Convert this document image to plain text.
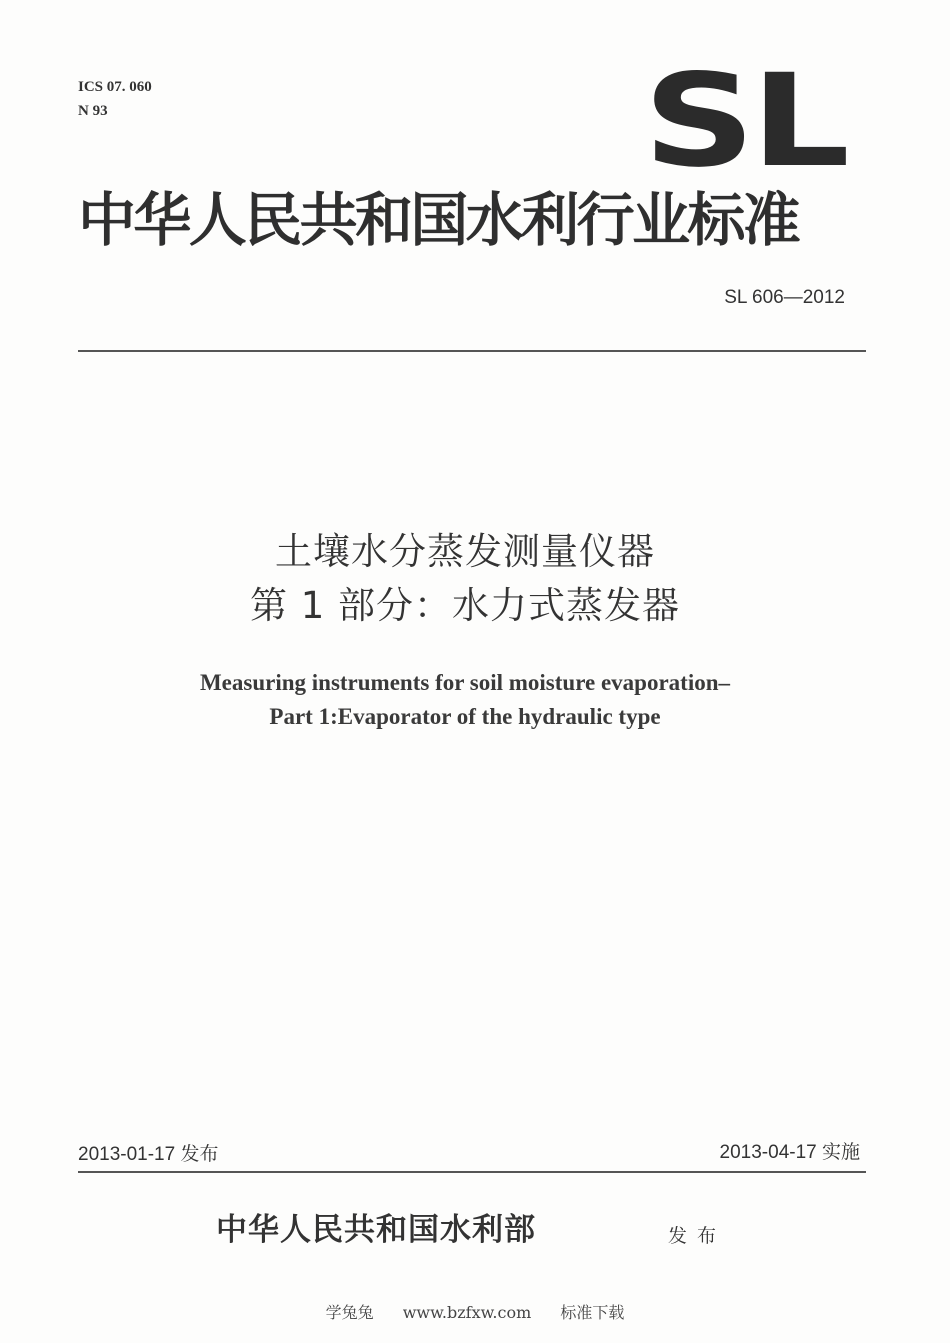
ICS 07. 060
N 93	SL
中华人民共和国水利行业标准
SL 606—2012
土壤水分蒸发测量仪器
第 1 部分：水力式蒸发器
Measuring instruments for soil moisture evaporation–
Part 1:Evaporator of the hydraulic type
2013-01-17 发布	2013-04-17 实施
中华人民共和国水利部	发布
学兔兔 www.bzfxw.com 标准下载
